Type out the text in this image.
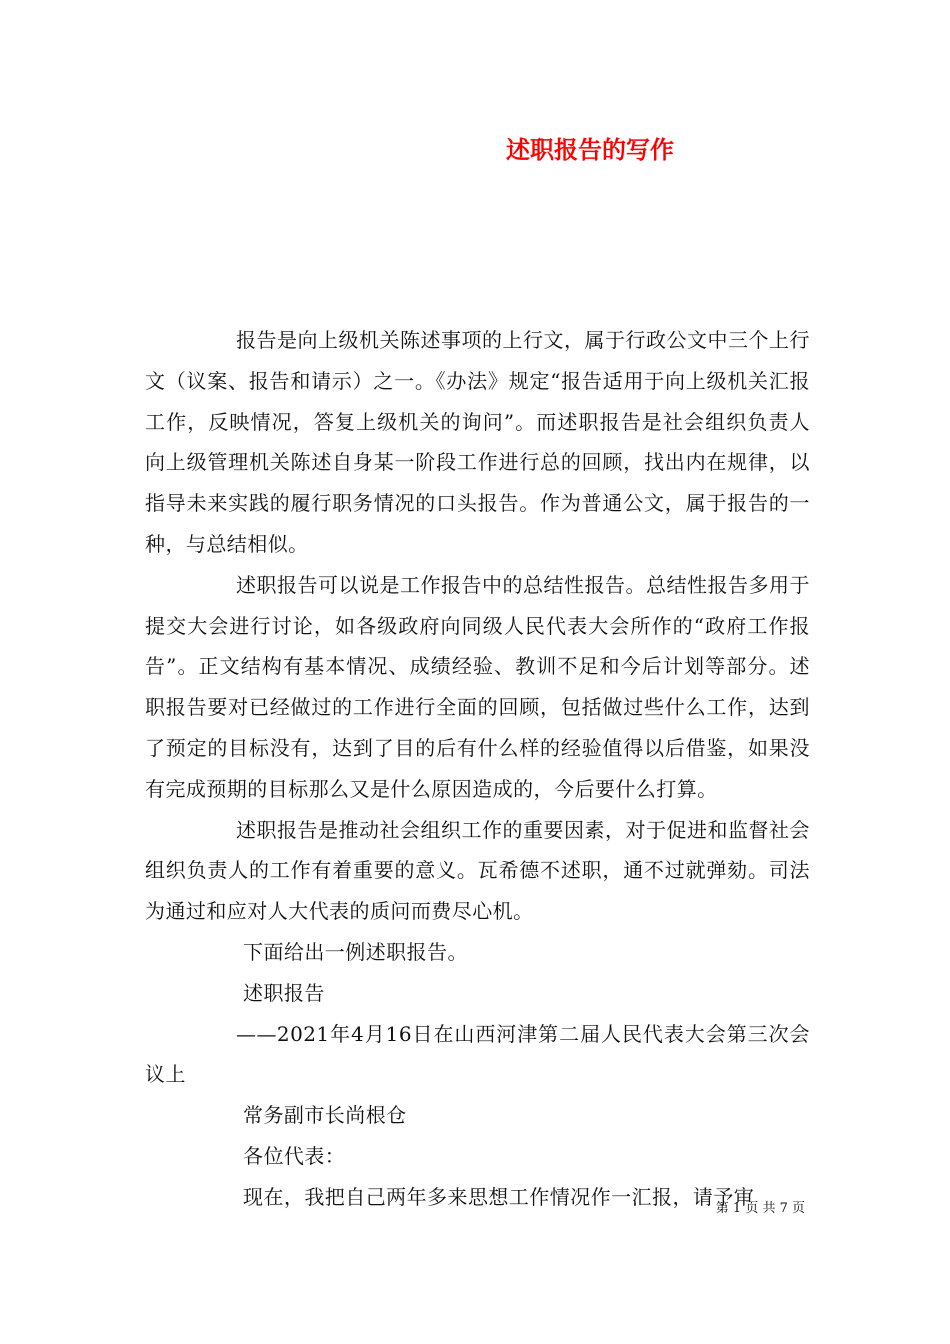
述职报告的写作

报告是向上级机关陈述事项的上行文，属于行政公文中三个上行文（议案、报告和请示）之一。《办法》规定“报告适用于向上级机关汇报工作，反映情况，答复上级机关的询问”。而述职报告是社会组织负责人向上级管理机关陈述自身某一阶段工作进行总的回顾，找出内在规律，以指导未来实践的履行职务情况的口头报告。作为普通公文，属于报告的一种，与总结相似。

述职报告可以说是工作报告中的总结性报告。总结性报告多用于提交大会进行讨论，如各级政府向同级人民代表大会所作的“政府工作报告”。正文结构有基本情况、成绩经验、教训不足和今后计划等部分。述职报告要对已经做过的工作进行全面的回顾，包括做过些什么工作，达到了预定的目标没有，达到了目的后有什么样的经验值得以后借鉴，如果没有完成预期的目标那么又是什么原因造成的，今后要什么打算。

述职报告是推动社会组织工作的重要因素，对于促进和监督社会组织负责人的工作有着重要的意义。瓦希德不述职，通不过就弹劾。司法为通过和应对人大代表的质问而费尽心机。

下面给出一例述职报告。

述职报告

——2021年4月16日在山西河津第二届人民代表大会第三次会议上

常务副市长尚根仓

各位代表：

现在，我把自己两年多来思想工作情况作一汇报，请予审

第 1 页 共 7 页
